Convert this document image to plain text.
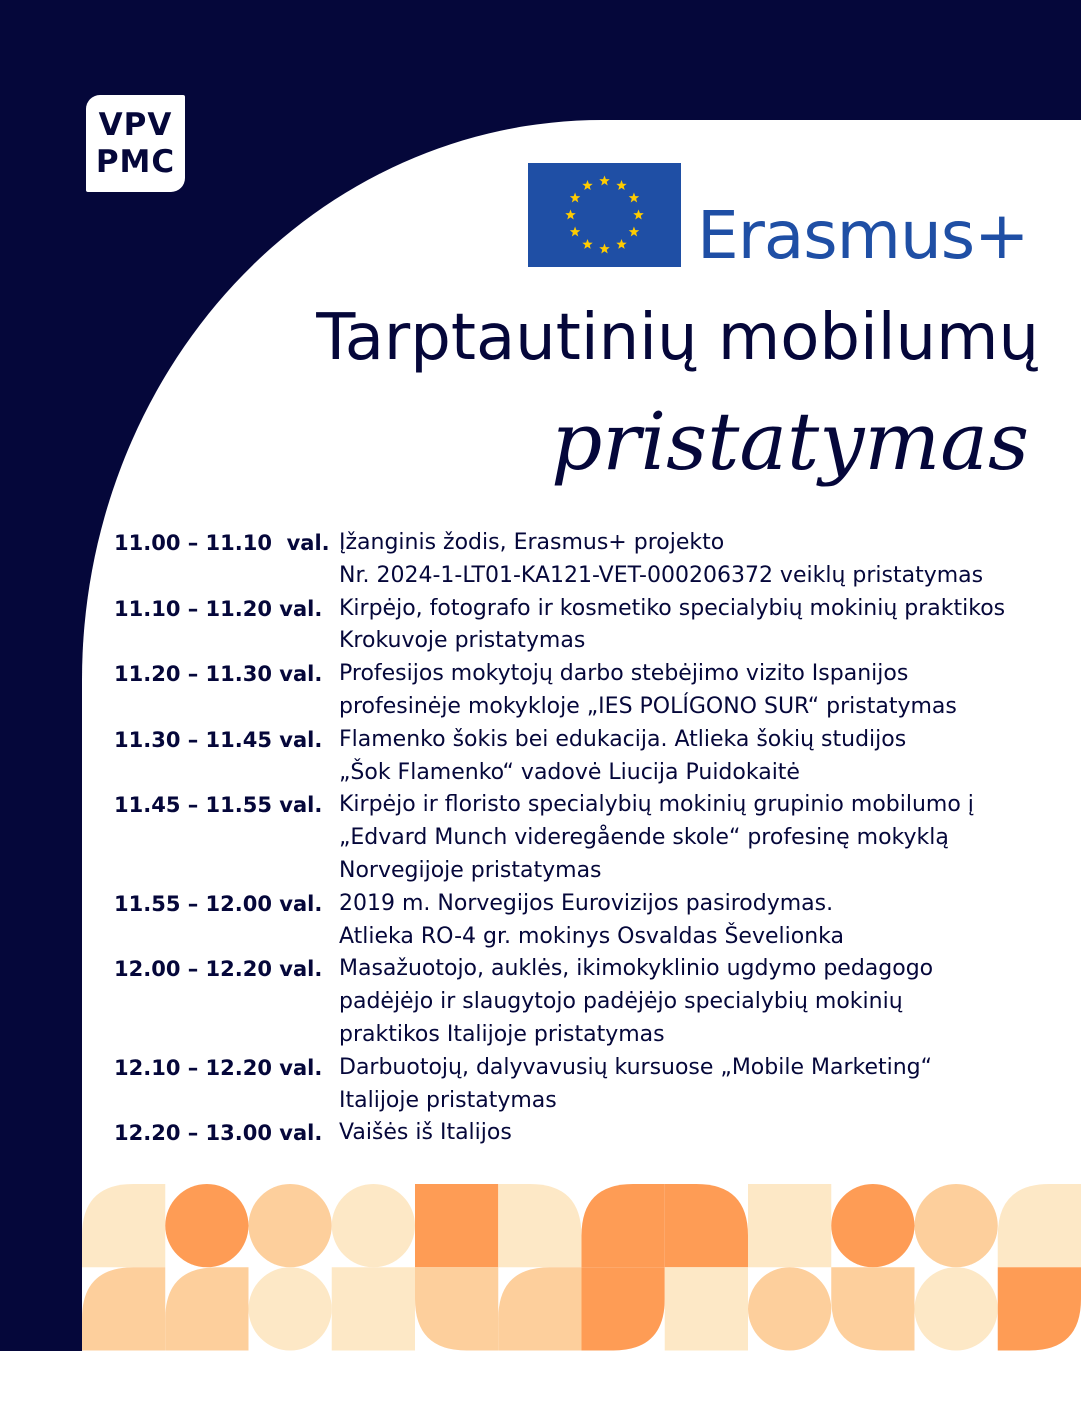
VPV
PMC
Erasmus+
Tarptautinių mobilumų
pristatymas
11.00 – 11.10  val. Įžanginis žodis, Erasmus+ projekto
Nr. 2024-1-LT01-KA121-VET-000206372 veiklų pristatymas
11.10 – 11.20 val. Kirpėjo, fotografo ir kosmetiko specialybių mokinių praktikos
Krokuvoje pristatymas
11.20 – 11.30 val. Profesijos mokytojų darbo stebėjimo vizito Ispanijos
profesinėje mokykloje „IES POLÍGONO SUR“ pristatymas
11.30 – 11.45 val. Flamenko šokis bei edukacija. Atlieka šokių studijos
„Šok Flamenko“ vadovė Liucija Puidokaitė
11.45 – 11.55 val. Kirpėjo ir floristo specialybių mokinių grupinio mobilumo į
„Edvard Munch videregående skole“ profesinę mokyklą
Norvegijoje pristatymas
11.55 – 12.00 val. 2019 m. Norvegijos Eurovizijos pasirodymas.
Atlieka RO-4 gr. mokinys Osvaldas Ševelionka
12.00 – 12.20 val. Masažuotojo, auklės, ikimokyklinio ugdymo pedagogo
padėjėjo ir slaugytojo padėjėjo specialybių mokinių
praktikos Italijoje pristatymas
12.10 – 12.20 val. Darbuotojų, dalyvavusių kursuose „Mobile Marketing“
Italijoje pristatymas
12.20 – 13.00 val. Vaišės iš Italijos
